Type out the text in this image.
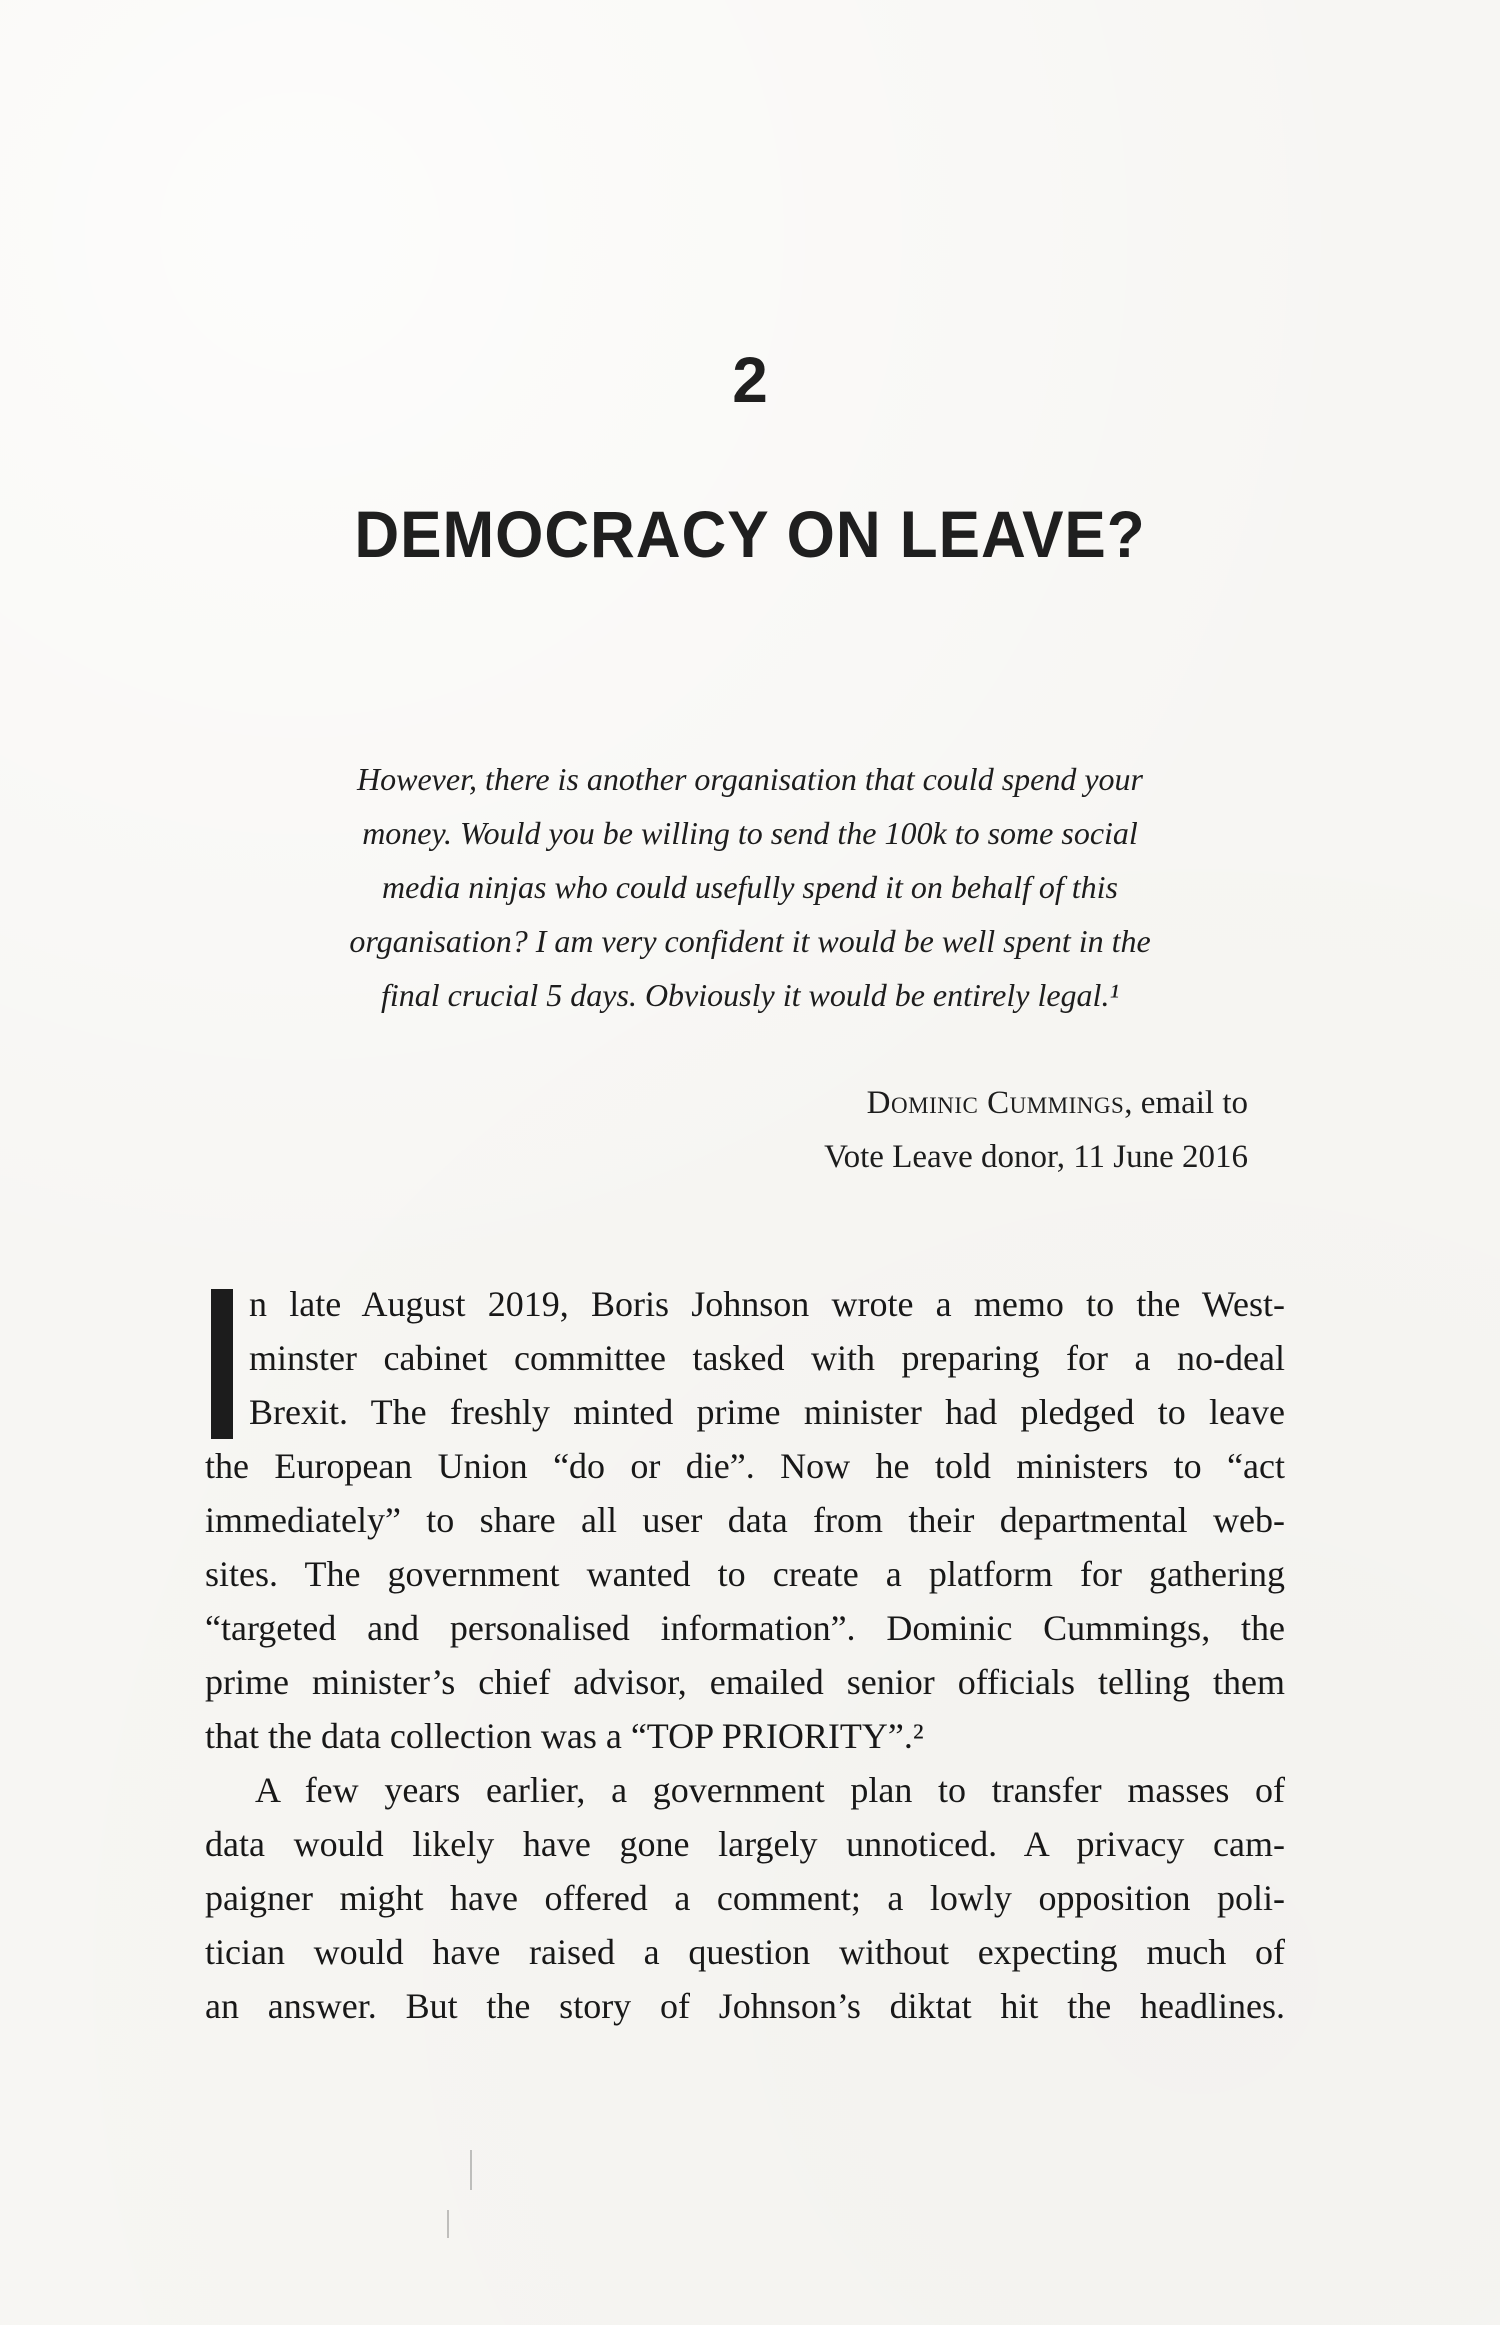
2
DEMOCRACY ON LEAVE?
However, there is another organisation that could spend your
money. Would you be willing to send the 100k to some social
media ninjas who could usefully spend it on behalf of this
organisation? I am very confident it would be well spent in the
final crucial 5 days. Obviously it would be entirely legal.¹
Dominic Cummings, email to
Vote Leave donor, 11 June 2016
n late August 2019, Boris Johnson wrote a memo to the West-
minster cabinet committee tasked with preparing for a no-deal
Brexit. The freshly minted prime minister had pledged to leave
the European Union “do or die”. Now he told ministers to “act
immediately” to share all user data from their departmental web-
sites. The government wanted to create a platform for gathering
“targeted and personalised information”. Dominic Cummings, the
prime minister’s chief advisor, emailed senior officials telling them
that the data collection was a “TOP PRIORITY”.²
A few years earlier, a government plan to transfer masses of
data would likely have gone largely unnoticed. A privacy cam-
paigner might have offered a comment; a lowly opposition poli-
tician would have raised a question without expecting much of
an answer. But the story of Johnson’s diktat hit the headlines.
